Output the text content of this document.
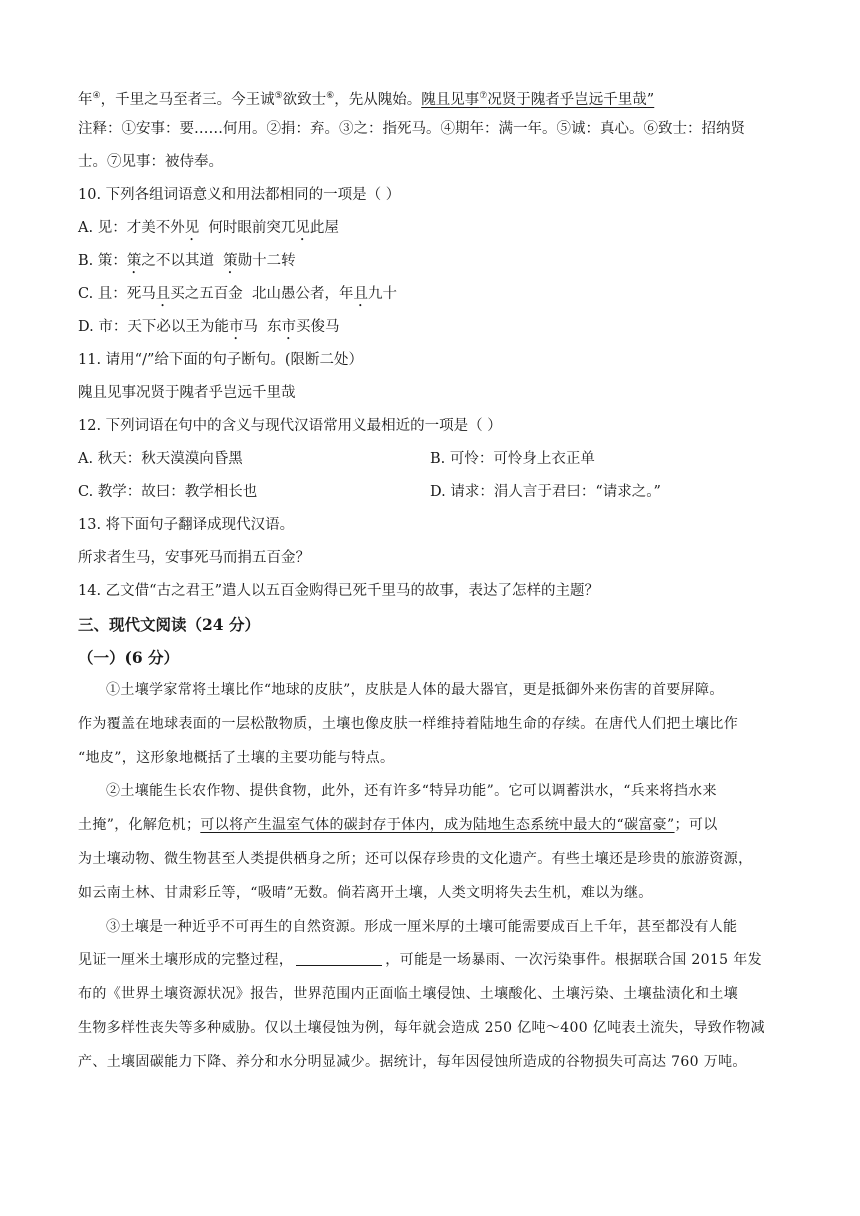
年④，千里之马至者三。今王诚⑤欲致士⑥，先从隗始。隗且见事⑦况贤于隗者乎岂远千里哉”
注释：①安事：要……何用。②捐：弃。③之：指死马。④期年：满一年。⑤诚：真心。⑥致士：招纳贤
士。⑦见事：被侍奉。
10. 下列各组词语意义和用法都相同的一项是（ ）
A. 见：才美不外见  何时眼前突兀见此屋
B. 策：策之不以其道  策勋十二转
C. 且：死马且买之五百金  北山愚公者，年且九十
D. 市：天下必以王为能市马  东市买俊马
11. 请用“/”给下面的句子断句。(限断二处）
隗且见事况贤于隗者乎岂远千里哉
12. 下列词语在句中的含义与现代汉语常用义最相近的一项是（ ）
A. 秋天：秋天漠漠向昏黑	B. 可怜：可怜身上衣正单
C. 教学：故曰：教学相长也	D. 请求：涓人言于君曰：“请求之。”
13. 将下面句子翻译成现代汉语。
所求者生马，安事死马而捐五百金？
14. 乙文借“古之君王”遣人以五百金购得已死千里马的故事，表达了怎样的主题？
三、现代文阅读（24 分）
（一）(6 分）
①土壤学家常将土壤比作“地球的皮肤”，皮肤是人体的最大器官，更是抵御外来伤害的首要屏障。
作为覆盖在地球表面的一层松散物质，土壤也像皮肤一样维持着陆地生命的存续。在唐代人们把土壤比作
“地皮”，这形象地概括了土壤的主要功能与特点。
②土壤能生长农作物、提供食物，此外，还有许多“特异功能”。它可以调蓄洪水，“兵来将挡水来
土掩”，化解危机；可以将产生温室气体的碳封存于体内，成为陆地生态系统中最大的“碳富豪”；可以
为土壤动物、微生物甚至人类提供栖身之所；还可以保存珍贵的文化遗产。有些土壤还是珍贵的旅游资源，
如云南土林、甘肃彩丘等，“吸晴”无数。倘若离开土壤，人类文明将失去生机，难以为继。
③土壤是一种近乎不可再生的自然资源。形成一厘米厚的土壤可能需要成百上千年，甚至都没有人能
见证一厘米土壤形成的完整过程，	，可能是一场暴雨、一次污染事件。根据联合国 2015 年发
布的《世界土壤资源状况》报告，世界范围内正面临土壤侵蚀、土壤酸化、土壤污染、土壤盐渍化和土壤
生物多样性丧失等多种威胁。仅以土壤侵蚀为例，每年就会造成 250 亿吨～400 亿吨表土流失，导致作物减
产、土壤固碳能力下降、养分和水分明显减少。据统计，每年因侵蚀所造成的谷物损失可高达 760 万吨。
